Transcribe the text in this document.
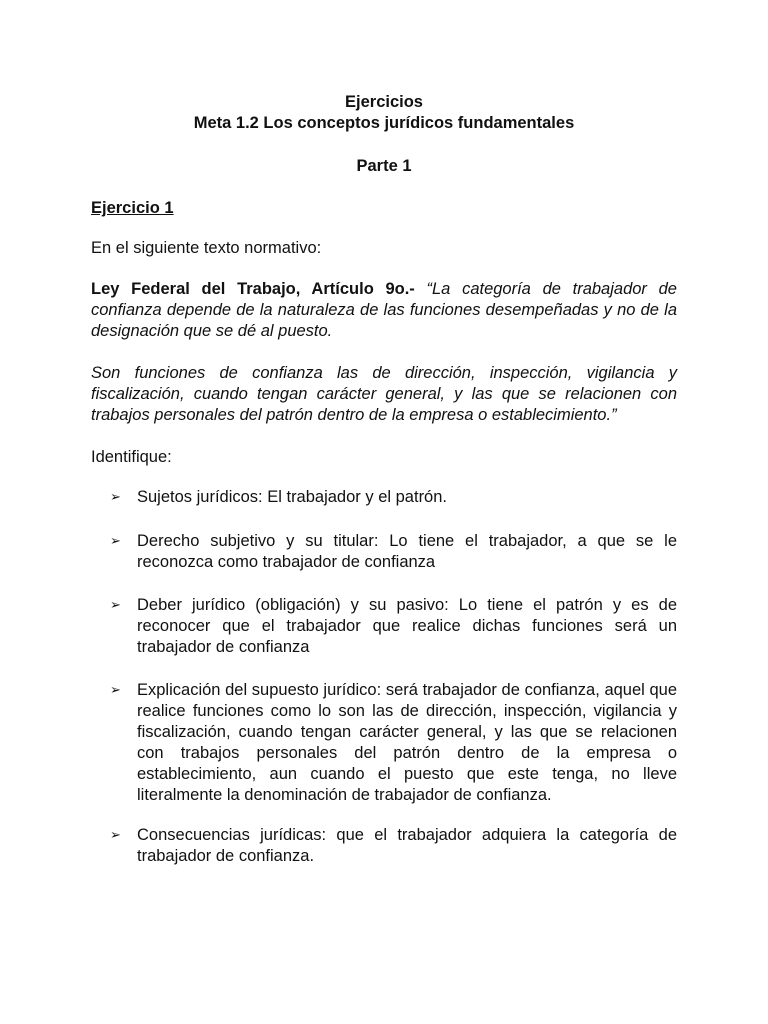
Ejercicios
Meta 1.2 Los conceptos jurídicos fundamentales
Parte 1
Ejercicio 1
En el siguiente texto normativo:
Ley Federal del Trabajo, Artículo 9o.- “La categoría de trabajador de confianza depende de la naturaleza de las funciones desempeñadas y no de la designación que se dé al puesto.
Son funciones de confianza las de dirección, inspección, vigilancia y fiscalización, cuando tengan carácter general, y las que se relacionen con trabajos personales del patrón dentro de la empresa o establecimiento.”
Identifique:
➢ Sujetos jurídicos: El trabajador y el patrón.
➢ Derecho subjetivo y su titular: Lo tiene el trabajador, a que se le reconozca como trabajador de confianza
➢ Deber jurídico (obligación) y su pasivo: Lo tiene el patrón y es de reconocer que el trabajador que realice dichas funciones será un trabajador de confianza
➢ Explicación del supuesto jurídico: será trabajador de confianza, aquel que realice funciones como lo son las de dirección, inspección, vigilancia y fiscalización, cuando tengan carácter general, y las que se relacionen con trabajos personales del patrón dentro de la empresa o establecimiento, aun cuando el puesto que este tenga, no lleve literalmente la denominación de trabajador de confianza.
➢ Consecuencias jurídicas: que el trabajador adquiera la categoría de trabajador de confianza.
